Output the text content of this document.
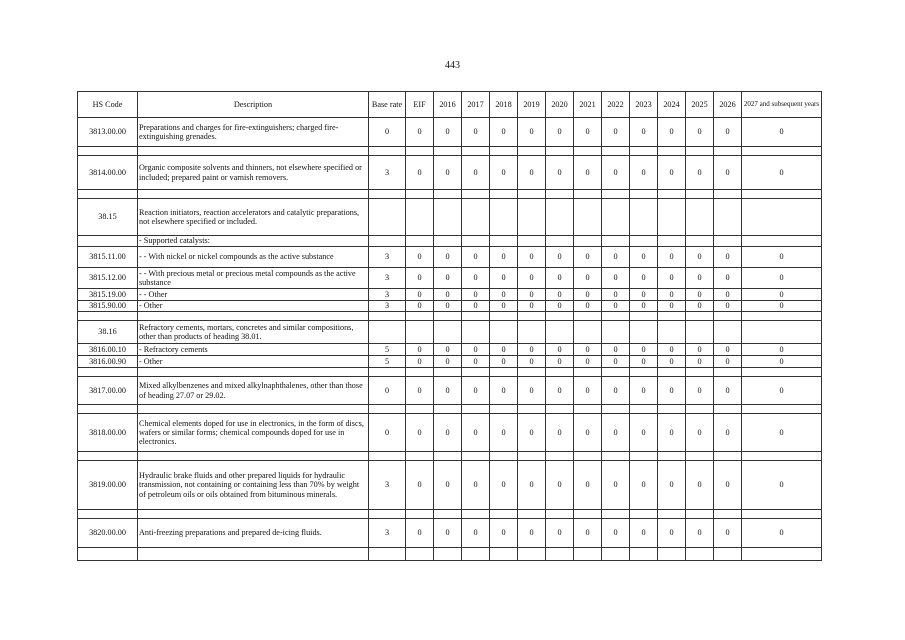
443
HS Code	Description	Base rate	EIF	2016	2017	2018	2019	2020	2021	2022	2023	2024	2025	2026	2027 and subsequent years
3813.00.00	Preparations and charges for fire-extinguishers; charged fire-extinguishing grenades.	0	0	0	0	0	0	0	0	0	0	0	0	0	0

3814.00.00	Organic composite solvents and thinners, not elsewhere specified or included; prepared paint or varnish removers.	3	0	0	0	0	0	0	0	0	0	0	0	0	0

38.15	Reaction initiators, reaction accelerators and catalytic preparations, not elsewhere specified or included.														
	- Supported catalysts:														
3815.11.00	- - With nickel or nickel compounds as the active substance	3	0	0	0	0	0	0	0	0	0	0	0	0	0
3815.12.00	- - With precious metal or precious metal compounds as the active substance	3	0	0	0	0	0	0	0	0	0	0	0	0	0
3815.19.00	- - Other	3	0	0	0	0	0	0	0	0	0	0	0	0	0
3815.90.00	- Other	3	0	0	0	0	0	0	0	0	0	0	0	0	0

38.16	Refractory cements, mortars, concretes and similar compositions, other than products of heading 38.01.														
3816.00.10	- Refractory cements	5	0	0	0	0	0	0	0	0	0	0	0	0	0
3816.00.90	- Other	5	0	0	0	0	0	0	0	0	0	0	0	0	0

3817.00.00	Mixed alkylbenzenes and mixed alkylnaphthalenes, other than those of heading 27.07 or 29.02.	0	0	0	0	0	0	0	0	0	0	0	0	0	0

3818.00.00	Chemical elements doped for use in electronics, in the form of discs, wafers or similar forms; chemical compounds doped for use in electronics.	0	0	0	0	0	0	0	0	0	0	0	0	0	0

3819.00.00	Hydraulic brake fluids and other prepared liquids for hydraulic transmission, not containing or containing less than 70% by weight of petroleum oils or oils obtained from bituminous minerals.	3	0	0	0	0	0	0	0	0	0	0	0	0	0

3820.00.00	Anti-freezing preparations and prepared de-icing fluids.	3	0	0	0	0	0	0	0	0	0	0	0	0	0
